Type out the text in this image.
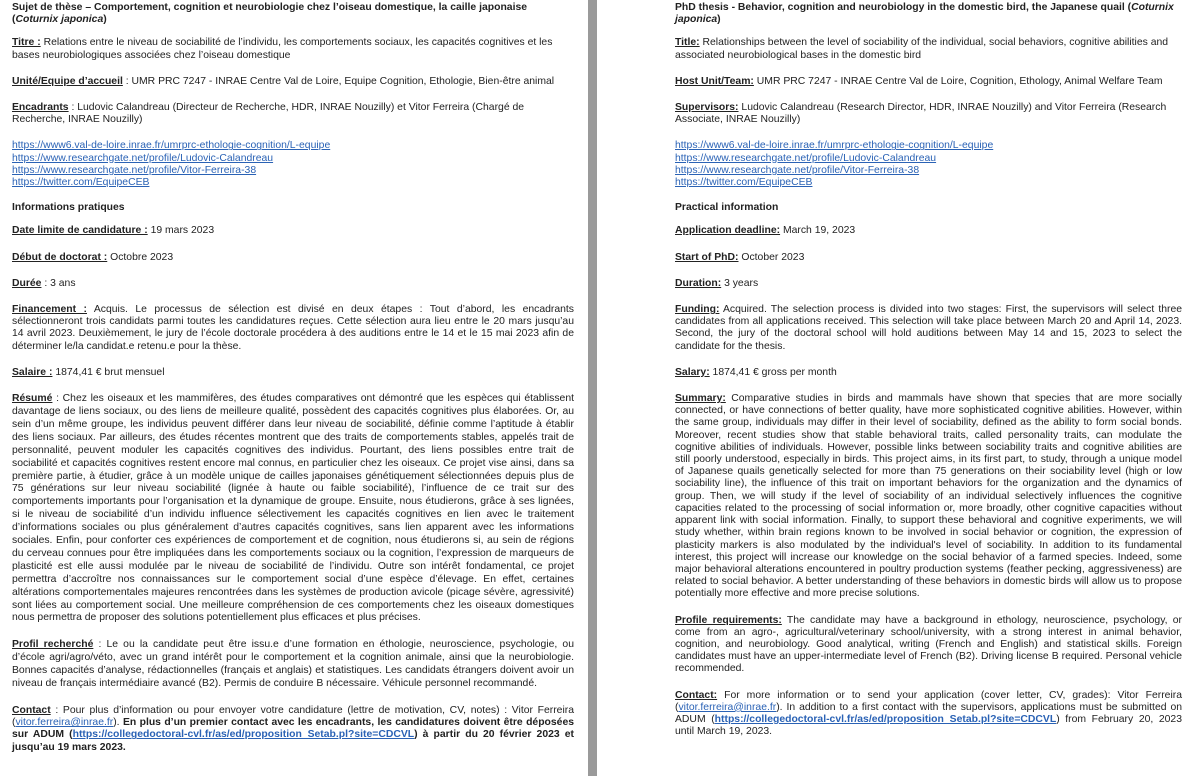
Sujet de thèse – Comportement, cognition et neurobiologie chez l’oiseau domestique, la caille japonaise (Coturnix japonica)

Titre : Relations entre le niveau de sociabilité de l’individu, les comportements sociaux, les capacités cognitives et les bases neurobiologiques associées chez l’oiseau domestique

Unité/Equipe d’accueil : UMR PRC 7247 - INRAE Centre Val de Loire, Equipe Cognition, Ethologie, Bien-être animal

Encadrants : Ludovic Calandreau (Directeur de Recherche, HDR, INRAE Nouzilly) et Vitor Ferreira (Chargé de Recherche, INRAE Nouzilly)

https://www6.val-de-loire.inrae.fr/umrprc-ethologie-cognition/L-equipe
https://www.researchgate.net/profile/Ludovic-Calandreau
https://www.researchgate.net/profile/Vitor-Ferreira-38
https://twitter.com/EquipeCEB

Informations pratiques

Date limite de candidature : 19 mars 2023

Début de doctorat : Octobre 2023

Durée : 3 ans

Financement : Acquis. Le processus de sélection est divisé en deux étapes : Tout d’abord, les encadrants sélectionneront trois candidats parmi toutes les candidatures reçues. Cette sélection aura lieu entre le 20 mars jusqu’au 14 avril 2023. Deuxièmement, le jury de l’école doctorale procédera à des auditions entre le 14 et le 15 mai 2023 afin de déterminer le/la candidat.e retenu.e pour la thèse.

Salaire : 1874,41 € brut mensuel

Résumé : Chez les oiseaux et les mammifères, des études comparatives ont démontré que les espèces qui établissent davantage de liens sociaux, ou des liens de meilleure qualité, possèdent des capacités cognitives plus élaborées. Or, au sein d’un même groupe, les individus peuvent différer dans leur niveau de sociabilité, définie comme l’aptitude à établir des liens sociaux. Par ailleurs, des études récentes montrent que des traits de comportements stables, appelés trait de personnalité, peuvent moduler les capacités cognitives des individus. Pourtant, des liens possibles entre trait de sociabilité et capacités cognitives restent encore mal connus, en particulier chez les oiseaux. Ce projet vise ainsi, dans sa première partie, à étudier, grâce à un modèle unique de cailles japonaises génétiquement sélectionnées depuis plus de 75 générations sur leur niveau sociabilité (lignée à haute ou faible sociabilité), l’influence de ce trait sur des comportements importants pour l’organisation et la dynamique de groupe. Ensuite, nous étudierons, grâce à ses lignées, si le niveau de sociabilité d’un individu influence sélectivement les capacités cognitives en lien avec le traitement d’informations sociales ou plus généralement d’autres capacités cognitives, sans lien apparent avec les informations sociales. Enfin, pour conforter ces expériences de comportement et de cognition, nous étudierons si, au sein de régions du cerveau connues pour être impliquées dans les comportements sociaux ou la cognition, l’expression de marqueurs de plasticité est elle aussi modulée par le niveau de sociabilité de l’individu. Outre son intérêt fondamental, ce projet permettra d’accroître nos connaissances sur le comportement social d’une espèce d’élevage. En effet, certaines altérations comportementales majeures rencontrées dans les systèmes de production avicole (picage sévère, agressivité) sont liées au comportement social. Une meilleure compréhension de ces comportements chez les oiseaux domestiques nous permettra de proposer des solutions potentiellement plus efficaces et plus précises.

Profil recherché : Le ou la candidate peut être issu.e d’une formation en éthologie, neuroscience, psychologie, ou d’école agri/agro/véto, avec un grand intérêt pour le comportement et la cognition animale, ainsi que la neurobiologie. Bonnes capacités d’analyse, rédactionnelles (français et anglais) et statistiques. Les candidats étrangers doivent avoir un niveau de français intermédiaire avancé (B2). Permis de conduire B nécessaire. Véhicule personnel recommandé.

Contact : Pour plus d’information ou pour envoyer votre candidature (lettre de motivation, CV, notes) : Vitor Ferreira (vitor.ferreira@inrae.fr). En plus d’un premier contact avec les encadrants, les candidatures doivent être déposées sur ADUM (https://collegedoctoral-cvl.fr/as/ed/proposition_Setab.pl?site=CDCVL) à partir du 20 février 2023 et jusqu’au 19 mars 2023.

PhD thesis - Behavior, cognition and neurobiology in the domestic bird, the Japanese quail (Coturnix japonica)

Title: Relationships between the level of sociability of the individual, social behaviors, cognitive abilities and associated neurobiological bases in the domestic bird

Host Unit/Team: UMR PRC 7247 - INRAE Centre Val de Loire, Cognition, Ethology, Animal Welfare Team

Supervisors: Ludovic Calandreau (Research Director, HDR, INRAE Nouzilly) and Vitor Ferreira (Research Associate, INRAE Nouzilly)

https://www6.val-de-loire.inrae.fr/umrprc-ethologie-cognition/L-equipe
https://www.researchgate.net/profile/Ludovic-Calandreau
https://www.researchgate.net/profile/Vitor-Ferreira-38
https://twitter.com/EquipeCEB

Practical information

Application deadline: March 19, 2023

Start of PhD: October 2023

Duration: 3 years

Funding: Acquired. The selection process is divided into two stages: First, the supervisors will select three candidates from all applications received. This selection will take place between March 20 and April 14, 2023. Second, the jury of the doctoral school will hold auditions between May 14 and 15, 2023 to select the candidate for the thesis.

Salary: 1874,41 € gross per month

Summary: Comparative studies in birds and mammals have shown that species that are more socially connected, or have connections of better quality, have more sophisticated cognitive abilities. However, within the same group, individuals may differ in their level of sociability, defined as the ability to form social bonds. Moreover, recent studies show that stable behavioral traits, called personality traits, can modulate the cognitive abilities of individuals. However, possible links between sociability traits and cognitive abilities are still poorly understood, especially in birds. This project aims, in its first part, to study, through a unique model of Japanese quails genetically selected for more than 75 generations on their sociability level (high or low sociability line), the influence of this trait on important behaviors for the organization and the dynamics of group. Then, we will study if the level of sociability of an individual selectively influences the cognitive capacities related to the processing of social information or, more broadly, other cognitive capacities without apparent link with social information. Finally, to support these behavioral and cognitive experiments, we will study whether, within brain regions known to be involved in social behavior or cognition, the expression of plasticity markers is also modulated by the individual's level of sociability. In addition to its fundamental interest, this project will increase our knowledge on the social behavior of a farmed species. Indeed, some major behavioral alterations encountered in poultry production systems (feather pecking, aggressiveness) are related to social behavior. A better understanding of these behaviors in domestic birds will allow us to propose potentially more effective and more precise solutions.

Profile requirements: The candidate may have a background in ethology, neuroscience, psychology, or come from an agro-, agricultural/veterinary school/university, with a strong interest in animal behavior, cognition, and neurobiology. Good analytical, writing (French and English) and statistical skills. Foreign candidates must have an upper-intermediate level of French (B2). Driving license B required. Personal vehicle recommended.

Contact: For more information or to send your application (cover letter, CV, grades): Vitor Ferreira (vitor.ferreira@inrae.fr). In addition to a first contact with the supervisors, applications must be submitted on ADUM (https://collegedoctoral-cvl.fr/as/ed/proposition_Setab.pl?site=CDCVL) from February 20, 2023 until March 19, 2023.
